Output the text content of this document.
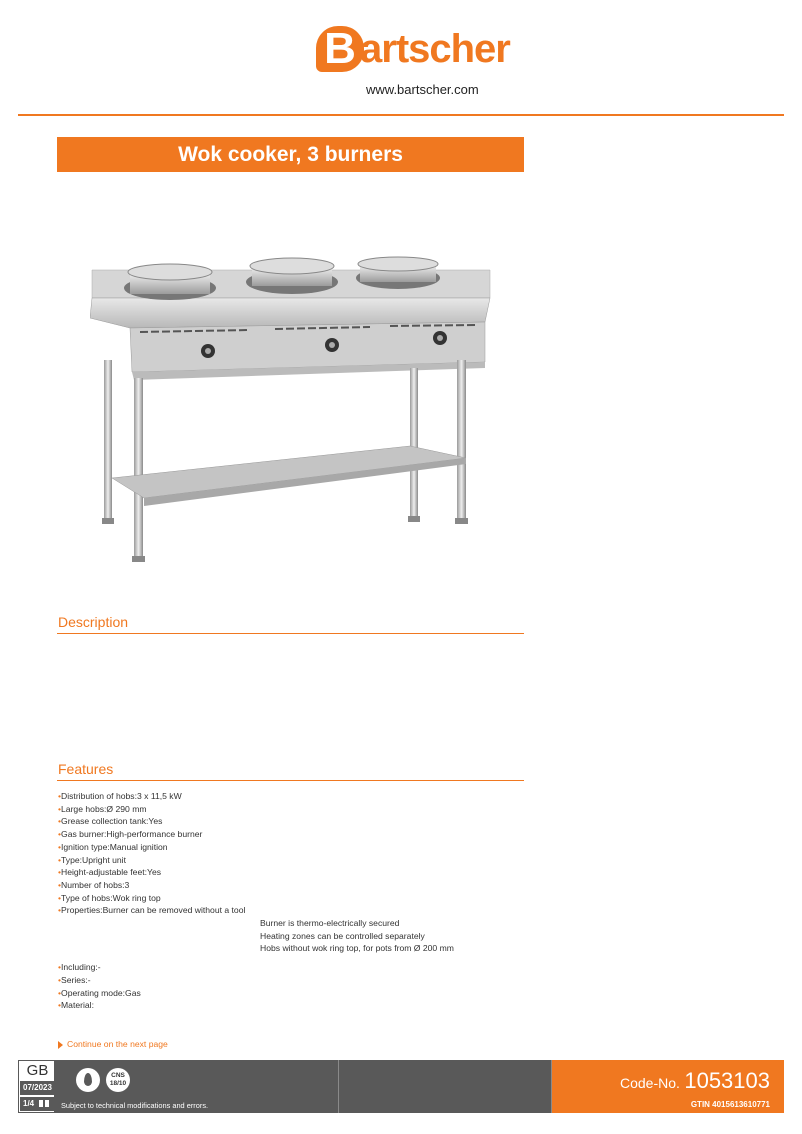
B artscher
www.bartscher.com
Wok cooker, 3 burners
Description
Features
•Distribution of hobs:3 x 11,5 kW
•Large hobs:Ø 290 mm
•Grease collection tank:Yes
•Gas burner:High-performance burner
•Ignition type:Manual ignition
•Type:Upright unit
•Height-adjustable feet:Yes
•Number of hobs:3
•Type of hobs:Wok ring top
•Properties:Burner can be removed without a tool
Burner is thermo-electrically secured
Heating zones can be controlled separately
Hobs without wok ring top, for pots from Ø 200 mm
•Including:-
•Series:-
•Operating mode:Gas
•Material:
Continue on the next page
GB
07/2023
1/4
CNS
18/10
Subject to technical modifications and errors.
Code-No. 1053103
GTIN 4015613610771
